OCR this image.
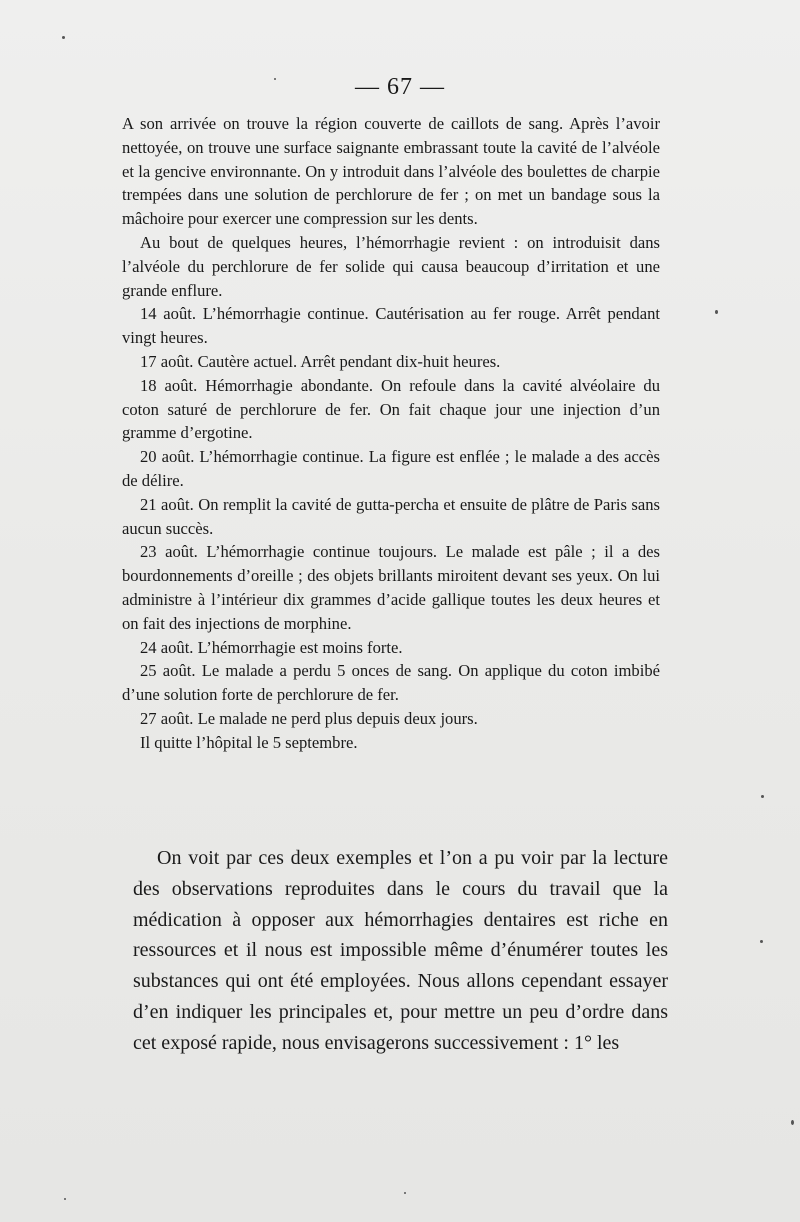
— 67 —

A son arrivée on trouve la région couverte de caillots de sang. Après l’avoir nettoyée, on trouve une surface saignante embrassant toute la cavité de l’alvéole et la gencive environnante. On y introduit dans l’alvéole des boulettes de charpie trempées dans une solution de perchlorure de fer ; on met un bandage sous la mâchoire pour exercer une compression sur les dents.

Au bout de quelques heures, l’hémorrhagie revient : on introduisit dans l’alvéole du perchlorure de fer solide qui causa beaucoup d’irritation et une grande enflure.

14 août. L’hémorrhagie continue. Cautérisation au fer rouge. Arrêt pendant vingt heures.

17 août. Cautère actuel. Arrêt pendant dix-huit heures.

18 août. Hémorrhagie abondante. On refoule dans la cavité alvéolaire du coton saturé de perchlorure de fer. On fait chaque jour une injection d’un gramme d’ergotine.

20 août. L’hémorrhagie continue. La figure est enflée ; le malade a des accès de délire.

21 août. On remplit la cavité de gutta-percha et ensuite de plâtre de Paris sans aucun succès.

23 août. L’hémorrhagie continue toujours. Le malade est pâle ; il a des bourdonnements d’oreille ; des objets brillants miroitent devant ses yeux. On lui administre à l’intérieur dix grammes d’acide gallique toutes les deux heures et on fait des injections de morphine.

24 août. L’hémorrhagie est moins forte.

25 août. Le malade a perdu 5 onces de sang. On applique du coton imbibé d’une solution forte de perchlorure de fer.

27 août. Le malade ne perd plus depuis deux jours.

Il quitte l’hôpital le 5 septembre.

On voit par ces deux exemples et l’on a pu voir par la lecture des observations reproduites dans le cours du travail que la médication à opposer aux hémorrhagies dentaires est riche en ressources et il nous est impossible même d’énumérer toutes les substances qui ont été employées. Nous allons cependant essayer d’en indiquer les principales et, pour mettre un peu d’ordre dans cet exposé rapide, nous envisagerons successivement : 1° les
